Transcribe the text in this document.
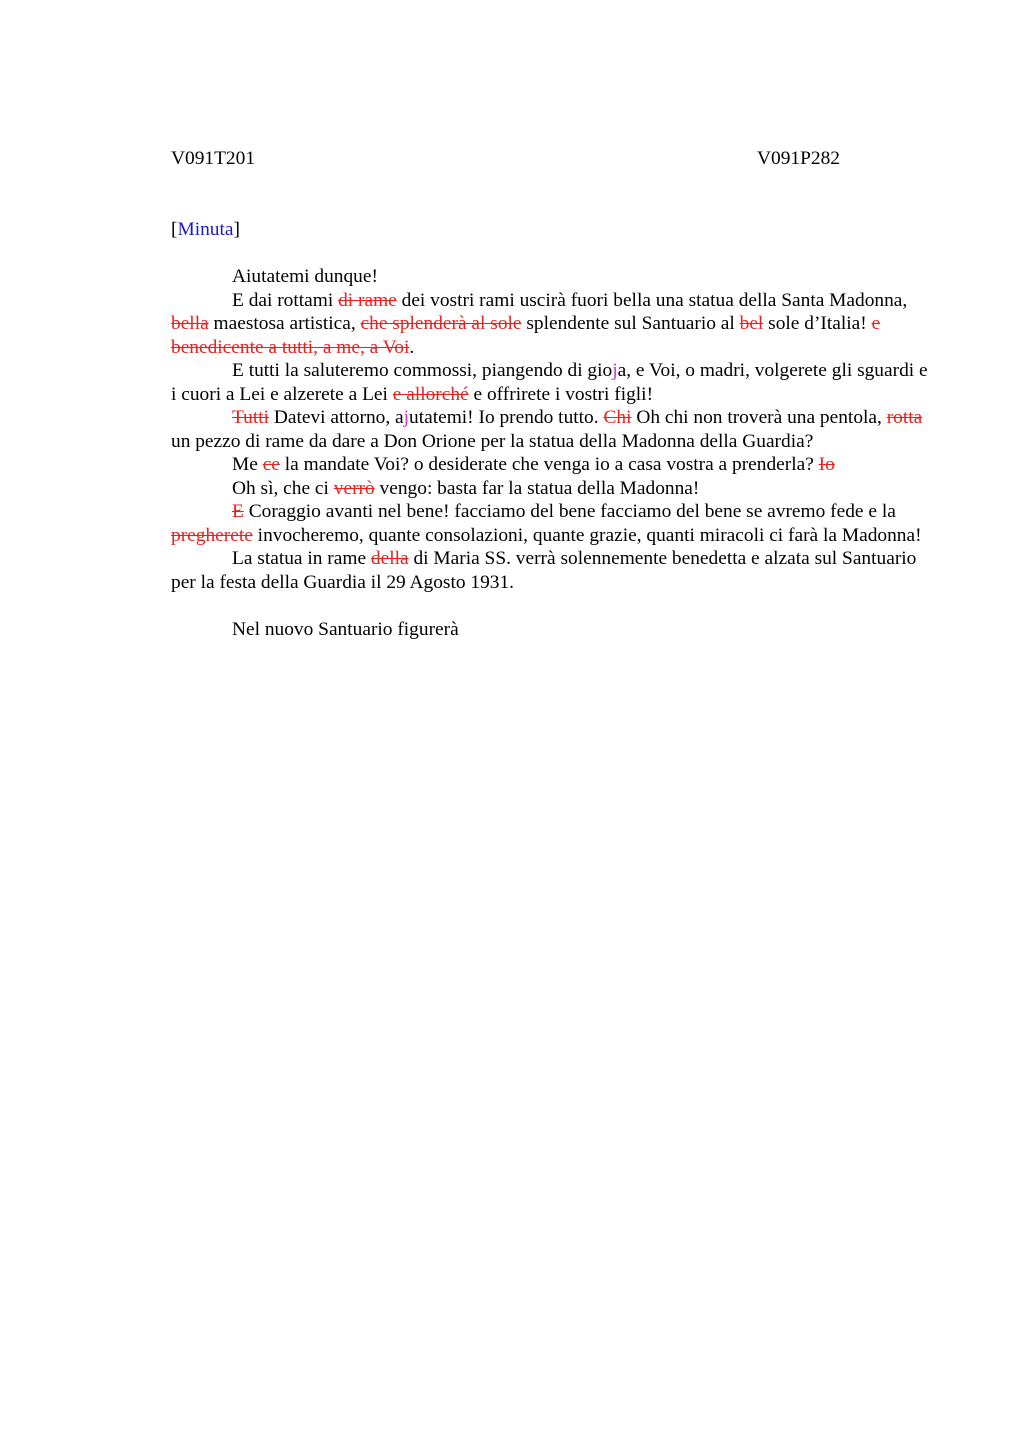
V091T201	V091P282
[Minuta]

Aiutatemi dunque!

E dai rottami di rame dei vostri rami uscirà fuori bella una statua della Santa Madonna, bella maestosa artistica, che splenderà al sole splendente sul Santuario al bel sole d’Italia! e benedicente a tutti, a me, a Voi.

E tutti la saluteremo commossi, piangendo di gioja, e Voi, o madri, volgerete gli sguardi e i cuori a Lei e alzerete a Lei e allorché e offrirete i vostri figli!

Tutti Datevi attorno, ajutatemi! Io prendo tutto. Chi Oh chi non troverà una pentola, rotta un pezzo di rame da dare a Don Orione per la statua della Madonna della Guardia?

Me ce la mandate Voi? o desiderate che venga io a casa vostra a prenderla? Io

Oh sì, che ci verrò vengo: basta far la statua della Madonna!

E Coraggio avanti nel bene! facciamo del bene facciamo del bene se avremo fede e la pregherete invocheremo, quante consolazioni, quante grazie, quanti miracoli ci farà la Madonna!

La statua in rame della di Maria SS. verrà solennemente benedetta e alzata sul Santuario per la festa della Guardia il 29 Agosto 1931.

Nel nuovo Santuario figurerà
